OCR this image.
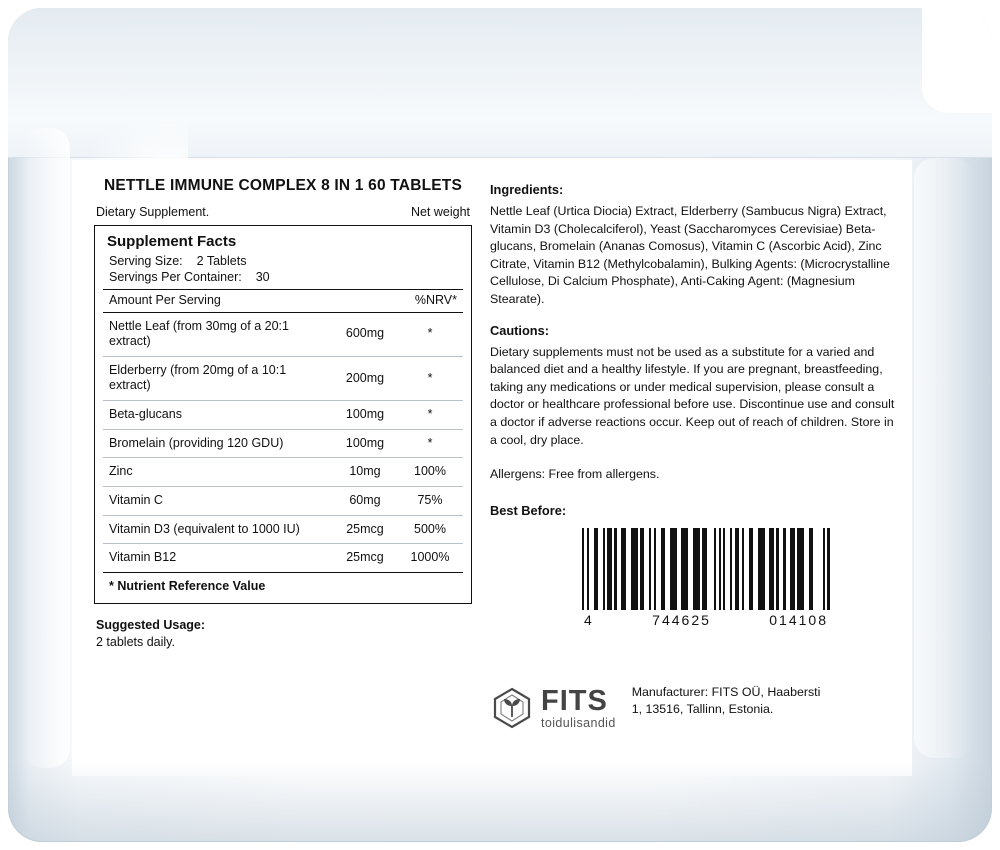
NETTLE IMMUNE COMPLEX 8 IN 1 60 TABLETS
Dietary Supplement.	Net weight
Supplement Facts
Serving Size: 2 Tablets
Servings Per Container: 30
Amount Per Serving		%NRV*
Nettle Leaf (from 30mg of a 20:1 extract)	600mg	*
Elderberry (from 20mg of a 10:1 extract)	200mg	*
Beta-glucans	100mg	*
Bromelain (providing 120 GDU)	100mg	*
Zinc	10mg	100%
Vitamin C	60mg	75%
Vitamin D3 (equivalent to 1000 IU)	25mcg	500%
Vitamin B12	25mcg	1000%
* Nutrient Reference Value
Suggested Usage:
2 tablets daily.
Ingredients:

Nettle Leaf (Urtica Diocia) Extract, Elderberry (Sambucus Nigra) Extract, Vitamin D3 (Cholecalciferol), Yeast (Saccharomyces Cerevisiae) Beta-glucans, Bromelain (Ananas Comosus), Vitamin C (Ascorbic Acid), Zinc Citrate, Vitamin B12 (Methylcobalamin), Bulking Agents: (Microcrystalline Cellulose, Di Calcium Phosphate), Anti-Caking Agent: (Magnesium Stearate).

Cautions:

Dietary supplements must not be used as a substitute for a varied and balanced diet and a healthy lifestyle. If you are pregnant, breastfeeding, taking any medications or under medical supervision, please consult a doctor or healthcare professional before use. Discontinue use and consult a doctor if adverse reactions occur. Keep out of reach of children. Store in a cool, dry place.

Allergens: Free from allergens.
Best Before:
4	744625	014108
FITS
toidulisandid
Manufacturer: FITS OÜ, Haabersti 1, 13516, Tallinn, Estonia.
